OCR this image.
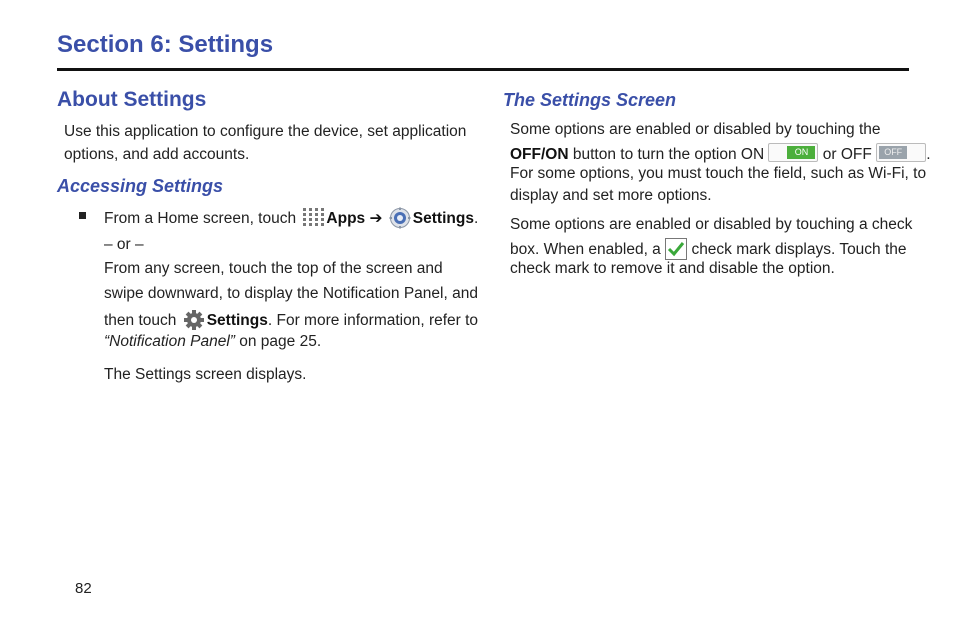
Section 6: Settings
About Settings
Use this application to configure the device, set application
options, and add accounts.
Accessing Settings
From a Home screen, touch Apps ➔ Settings.
– or –
From any screen, touch the top of the screen and
swipe downward, to display the Notification Panel, and
then touch Settings. For more information, refer to
“Notification Panel” on page 25.
The Settings screen displays.
The Settings Screen
Some options are enabled or disabled by touching the
OFF/ON button to turn the option ON	ON or OFF OFF	.
For some options, you must touch the field, such as Wi-Fi, to
display and set more options.
Some options are enabled or disabled by touching a check
box. When enabled, a check mark displays. Touch the
check mark to remove it and disable the option.
82
